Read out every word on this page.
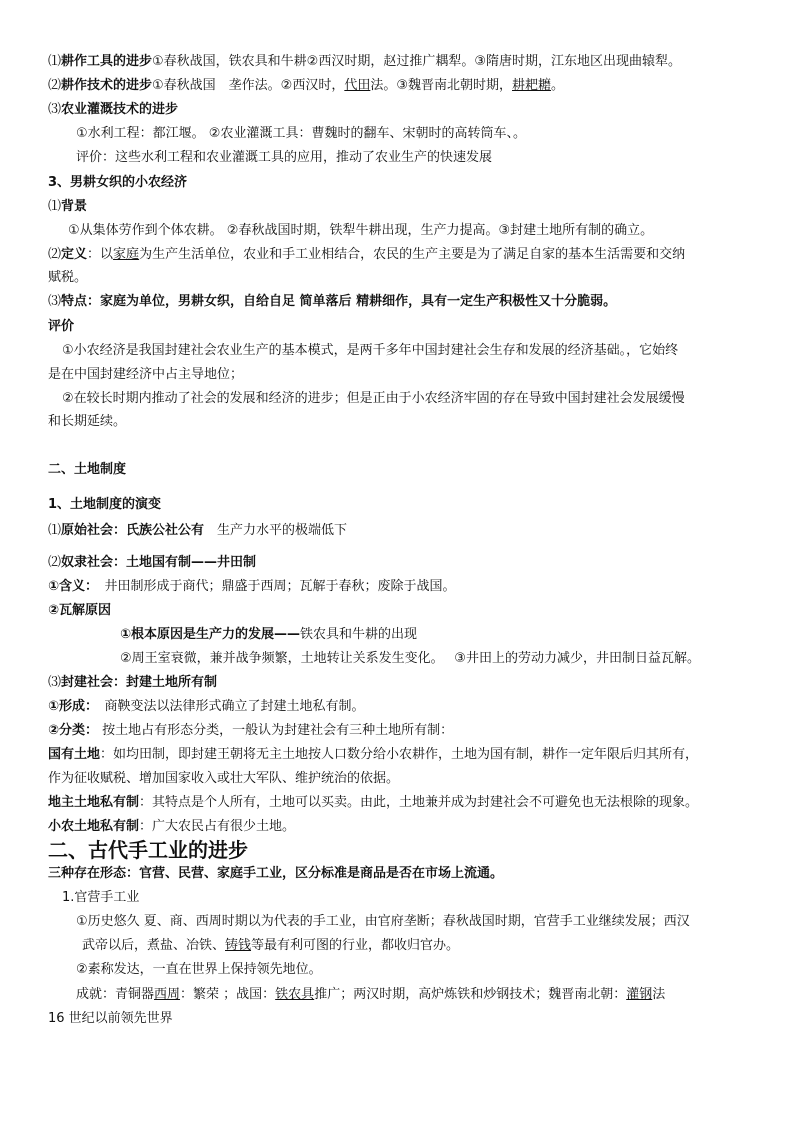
⑴耕作工具的进步①春秋战国，铁农具和牛耕②西汉时期，赵过推广耦犁。③隋唐时期，江东地区出现曲辕犁。
⑵耕作技术的进步①春秋战国　垄作法。②西汉时，代田法。③魏晋南北朝时期，耕耙耱。
⑶农业灌溉技术的进步
①水利工程：都江堰。 ②农业灌溉工具：曹魏时的翻车、宋朝时的高转筒车、。
评价：这些水利工程和农业灌溉工具的应用，推动了农业生产的快速发展
3、男耕女织的小农经济
⑴背景
①从集体劳作到个体农耕。 ②春秋战国时期，铁犁牛耕出现，生产力提高。③封建土地所有制的确立。
⑵定义：以家庭为生产生活单位，农业和手工业相结合，农民的生产主要是为了满足自家的基本生活需要和交纳
赋税。
⑶特点：家庭为单位，男耕女织，自给自足 简单落后 精耕细作，具有一定生产积极性又十分脆弱。
评价
①小农经济是我国封建社会农业生产的基本模式，是两千多年中国封建社会生存和发展的经济基础。，它始终
是在中国封建经济中占主导地位；
②在较长时期内推动了社会的发展和经济的进步；但是正由于小农经济牢固的存在导致中国封建社会发展缓慢
和长期延续。
二、土地制度
1、土地制度的演变
⑴原始社会：氏族公社公有　生产力水平的极端低下
⑵奴隶社会：土地国有制——井田制
①含义：　井田制形成于商代；鼎盛于西周；瓦解于春秋；废除于战国。
②瓦解原因
①根本原因是生产力的发展——铁农具和牛耕的出现
②周王室衰微，兼并战争频繁，土地转让关系发生变化。　 ③井田上的劳动力减少，井田制日益瓦解。
⑶封建社会：封建土地所有制
①形成：　商鞅变法以法律形式确立了封建土地私有制。
②分类： 按土地占有形态分类，一般认为封建社会有三种土地所有制：
国有土地：如均田制，即封建王朝将无主土地按人口数分给小农耕作，土地为国有制，耕作一定年限后归其所有，
作为征收赋税、增加国家收入或壮大军队、维护统治的依据。
地主土地私有制：其特点是个人所有，土地可以买卖。由此，土地兼并成为封建社会不可避免也无法根除的现象。
小农土地私有制：广大农民占有很少土地。
二、古代手工业的进步
三种存在形态：官营、民营、家庭手工业，区分标准是商品是否在市场上流通。
1.官营手工业
①历史悠久 夏、商、西周时期以为代表的手工业，由官府垄断；春秋战国时期，官营手工业继续发展；西汉
武帝以后，煮盐、冶铁、铸钱等最有利可图的行业，都收归官办。
②素称发达，一直在世界上保持领先地位。
成就：青铜器西周：繁荣 ；战国：铁农具推广；两汉时期，高炉炼铁和炒钢技术；魏晋南北朝：灌钢法
16 世纪以前领先世界
